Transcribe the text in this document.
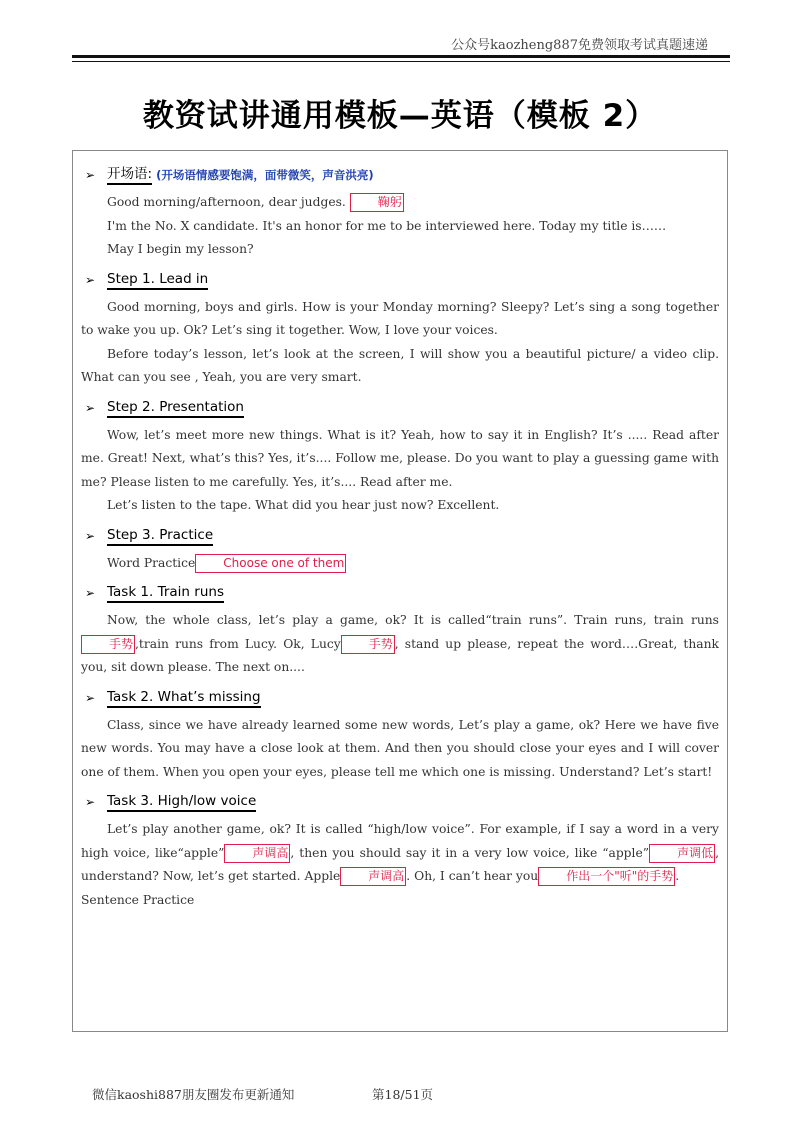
公众号kaozheng887免费领取考试真题速递
教资试讲通用模板—英语（模板 2）
➢ 开场语: (开场语情感要饱满，面带微笑，声音洪亮)

Good morning/afternoon, dear judges.	鞠躬

I'm the No. X candidate. It's an honor for me to be interviewed here. Today my title is……

May I begin my lesson?

➢ Step 1. Lead in

Good morning, boys and girls. How is your Monday morning? Sleepy? Let’s sing a song together to wake you up. Ok? Let’s sing it together. Wow, I love your voices.

Before today’s lesson, let’s look at the screen, I will show you a beautiful picture/ a video clip. What can you see , Yeah, you are very smart.

➢ Step 2. Presentation

Wow, let’s meet more new things. What is it? Yeah, how to say it in English? It’s ..... Read after me. Great! Next, what’s this? Yes, it’s.... Follow me, please. Do you want to play a guessing game with me? Please listen to me carefully. Yes, it’s.... Read after me.

Let’s listen to the tape. What did you hear just now? Excellent.

➢ Step 3. Practice

Word Practice Choose one of them

➢ Task 1. Train runs

Now, the whole class, let’s play a game, ok? It is called“train runs”. Train runs, train runs手势 ,train runs from Lucy. Ok, Lucy 手势 , stand up please, repeat the word….Great, thank you, sit down please. The next on....

➢ Task 2. What’s missing

Class, since we have already learned some new words, Let’s play a game, ok? Here we have five new words. You may have a close look at them. And then you should close your eyes and I will cover one of them. When you open your eyes, please tell me which one is missing. Understand? Let’s start!

➢ Task 3. High/low voice

Let’s play another game, ok? It is called “high/low voice”. For example, if I say a word in a very high voice, like“apple” 声调高 , then you should say it in a very low voice, like “apple” 声调低 , understand? Now, let’s get started. Apple 声调高 . Oh, I can’t hear you 作出一个"听"的手势 .

Sentence Practice

微信kaoshi887朋友圈发布更新通知	第18/51页
